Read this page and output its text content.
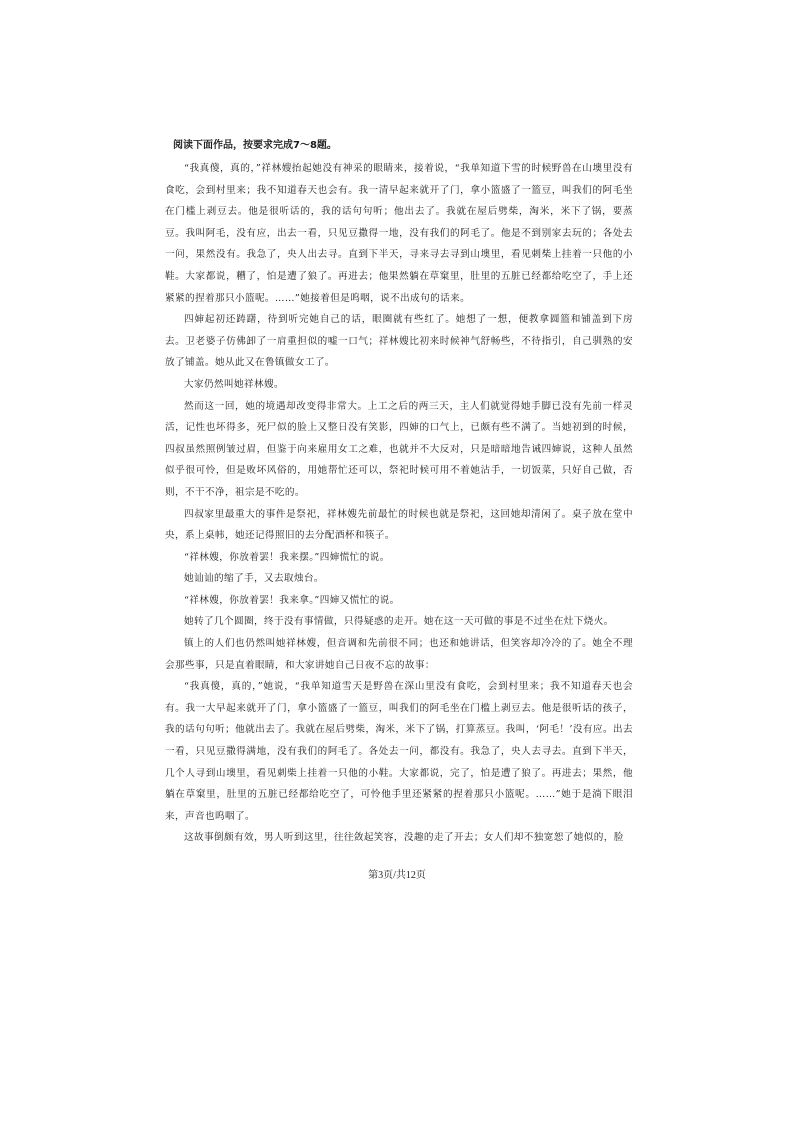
阅读下面作品，按要求完成7～8题。

“我真傻，真的，”祥林嫂抬起她没有神采的眼睛来，接着说，“我单知道下雪的时候野兽在山墺里没有食吃，会到村里来；我不知道春天也会有。我一清早起来就开了门，拿小篮盛了一篮豆，叫我们的阿毛坐在门槛上剥豆去。他是很听话的，我的话句句听；他出去了。我就在屋后劈柴，淘米，米下了锅，要蒸豆。我叫阿毛，没有应，出去一看，只见豆撒得一地，没有我们的阿毛了。他是不到别家去玩的；各处去一问，果然没有。我急了，央人出去寻。直到下半天，寻来寻去寻到山墺里，看见刺柴上挂着一只他的小鞋。大家都说，糟了，怕是遭了狼了。再进去；他果然躺在草窠里，肚里的五脏已经都给吃空了，手上还紧紧的捏着那只小篮呢。……”她接着但是呜咽，说不出成句的话来。

四婶起初还踌躇，待到听完她自己的话，眼圈就有些红了。她想了一想，便教拿圆篮和铺盖到下房去。卫老婆子仿佛卸了一肩重担似的嘘一口气；祥林嫂比初来时候神气舒畅些，不待指引，自己驯熟的安放了铺盖。她从此又在鲁镇做女工了。

大家仍然叫她祥林嫂。

然而这一回，她的境遇却改变得非常大。上工之后的两三天，主人们就觉得她手脚已没有先前一样灵活，记性也坏得多，死尸似的脸上又整日没有笑影，四婶的口气上，已颇有些不满了。当她初到的时候，四叔虽然照例皱过眉，但鉴于向来雇用女工之难，也就并不大反对，只是暗暗地告诫四婶说，这种人虽然似乎很可怜，但是败坏风俗的，用她帮忙还可以，祭祀时候可用不着她沾手，一切饭菜，只好自己做，否则，不干不净，祖宗是不吃的。

四叔家里最重大的事件是祭祀，祥林嫂先前最忙的时候也就是祭祀，这回她却清闲了。桌子放在堂中央，系上桌帏，她还记得照旧的去分配酒杯和筷子。

“祥林嫂，你放着罢！我来摆。”四婶慌忙的说。

她讪讪的缩了手，又去取烛台。

“祥林嫂，你放着罢！我来拿。”四婶又慌忙的说。

她转了几个圆圈，终于没有事情做，只得疑惑的走开。她在这一天可做的事是不过坐在灶下烧火。

镇上的人们也仍然叫她祥林嫂，但音调和先前很不同；也还和她讲话，但笑容却冷冷的了。她全不理会那些事，只是直着眼睛，和大家讲她自己日夜不忘的故事：

“我真傻，真的，”她说，“我单知道雪天是野兽在深山里没有食吃，会到村里来；我不知道春天也会有。我一大早起来就开了门，拿小篮盛了一篮豆，叫我们的阿毛坐在门槛上剥豆去。他是很听话的孩子，我的话句句听；他就出去了。我就在屋后劈柴，淘米，米下了锅，打算蒸豆。我叫，‘阿毛！’没有应。出去一看，只见豆撒得满地，没有我们的阿毛了。各处去一问，都没有。我急了，央人去寻去。直到下半天，几个人寻到山墺里，看见刺柴上挂着一只他的小鞋。大家都说，完了，怕是遭了狼了。再进去；果然，他躺在草窠里，肚里的五脏已经都给吃空了，可怜他手里还紧紧的捏着那只小篮呢。……”她于是淌下眼泪来，声音也呜咽了。

这故事倒颇有效，男人听到这里，往往敛起笑容，没趣的走了开去；女人们却不独宽恕了她似的，脸

第3页/共12页
